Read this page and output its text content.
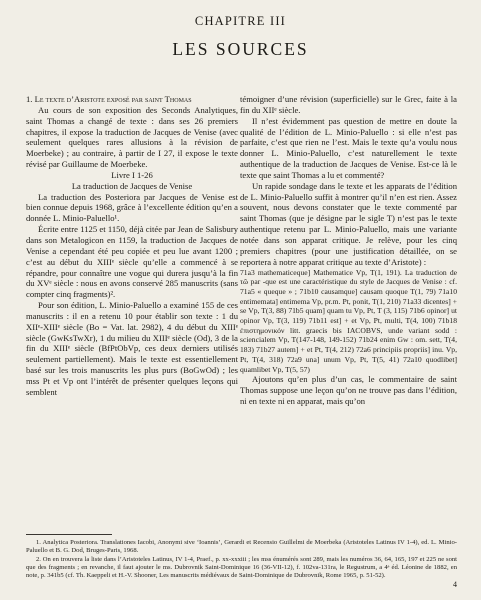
CHAPITRE III
LES SOURCES

1. Le texte d’Aristote exposé par saint Thomas

Au cours de son exposition des Seconds Analytiques, saint Thomas a changé de texte : dans ses 26 premiers chapitres, il expose la traduction de Jacques de Venise (avec seulement quelques rares allusions à la révision de Moerbeke) ; au contraire, à partir de I 27, il expose le texte révisé par Guillaume de Moerbeke.

Livre I 1-26

La traduction de Jacques de Venise

La traduction des Posteriora par Jacques de Venise est bien connue depuis 1968, grâce à l’excellente édition qu’en a donnée L. Minio-Paluello¹.

Écrite entre 1125 et 1150, déjà citée par Jean de Salisbury dans son Metalogicon en 1159, la traduction de Jacques de Venise a cependant été peu copiée et peu lue avant 1200 ; c’est au début du XIIIᵉ siècle qu’elle a commencé à se répandre, pour connaître une vogue qui durera jusqu’à la fin du XVᵉ siècle : nous en avons conservé 285 manuscrits (sans compter cinq fragments)².

Pour son édition, L. Minio-Paluello a examiné 155 de ces manuscrits : il en a retenu 10 pour établir son texte : 1 du XIIᵉ-XIIIᵉ siècle (Bo = Vat. lat. 2982), 4 du début du XIIIᵉ siècle (GwKsTwXr), 1 du milieu du XIIIᵉ siècle (Od), 3 de la fin du XIIIᵉ siècle (BfPtObVp, ces deux derniers utilisés seulement partiellement). Mais le texte est essentiellement basé sur les trois manuscrits les plus purs (BoGwOd) ; les mss Pt et Vp ont l’intérêt de présenter quelques leçons qui semblent

témoigner d’une révision (superficielle) sur le Grec, faite à la fin du XIIᵉ siècle.

Il n’est évidemment pas question de mettre en doute la qualité de l’édition de L. Minio-Paluello : si elle n’est pas parfaite, c’est que rien ne l’est. Mais le texte qu’a voulu nous donner L. Minio-Paluello, c’est naturellement le texte authentique de la traduction de Jacques de Venise. Est-ce là le texte que saint Thomas a lu et commenté?

Un rapide sondage dans le texte et les apparats de l’édition de L. Minio-Paluello suffit à montrer qu’il n’en est rien. Assez souvent, nous devons constater que le texte commenté par saint Thomas (que je désigne par le sigle T) n’est pas le texte authentique retenu par L. Minio-Paluello, mais une variante notée dans son apparat critique. Je relève, pour les cinq premiers chapitres (pour une justification détaillée, on se reportera à notre apparat critique au texte d’Aristote) :

71a3 mathematiceque] Mathematice Vp, T(1, 191). La traduction de τῶ par -que est une caractéristique du style de Jacques de Venise : cf. 71a5 « queque » ; 71b10 causamque] causam quoque T(1, 79) 71a10 entimemata] entimema Vp, pr.m. Pt, ponit, T(1, 210) 71a33 dicentes] + se Vp, T(3, 88) 71b5 quam] quam tu Vp, Pt, T (3, 115) 71b6 opinor] ut opinor Vp, T(3, 119) 71b11 est] + et Vp, Pt, multi, T(4, 100) 71b18 ἐπιστημονικόν litt. graecis bis IACOBVS, unde variant sodd : sciencialem Vp, T(147-148, 149-152) 71b24 enim Gw : om. sett, T(4, 183) 71b27 autem] + et Pt, T(4, 212) 72a6 principiis propriis] inu. Vp, Pt, T(4, 318) 72a9 una] unum Vp, Pt, T(5, 41) 72a10 quodlibet] quamlibet Vp, T(5, 57)

Ajoutons qu’en plus d’un cas, le commentaire de saint Thomas suppose une leçon qu’on ne trouve pas dans l’édition, ni en texte ni en apparat, mais qu’on

1. Analytica Posteriora. Translationes Iacobi, Anonymi sive ‘Ioannis’, Gerardi et Recensio Guillelmi de Moerbeka (Aristoteles Latinus IV 1-4), ed. L. Minio-Paluello et B. G. Dod, Bruges-Paris, 1968.

2. On en trouvera la liste dans l’Aristoteles Latinus, IV 1-4, Praef., p. xx-xxxiii ; les mss énumérés sont 289, mais les numéros 36, 64, 165, 197 et 225 ne sont que des fragments ; en revanche, il faut ajouter le ms. Dubrovnik Saint-Dominique 16 (36-VII-12), f. 102va-131ra, le Regustrum, a 4ᵉ éd. Léonine de 1882, en note, p. 341b5 (cf. Th. Kaeppeli et H.-V. Shooner, Les manuscrits médiévaux de Saint-Dominique de Dubrovnik, Rome 1965, p. 51-52).

4
